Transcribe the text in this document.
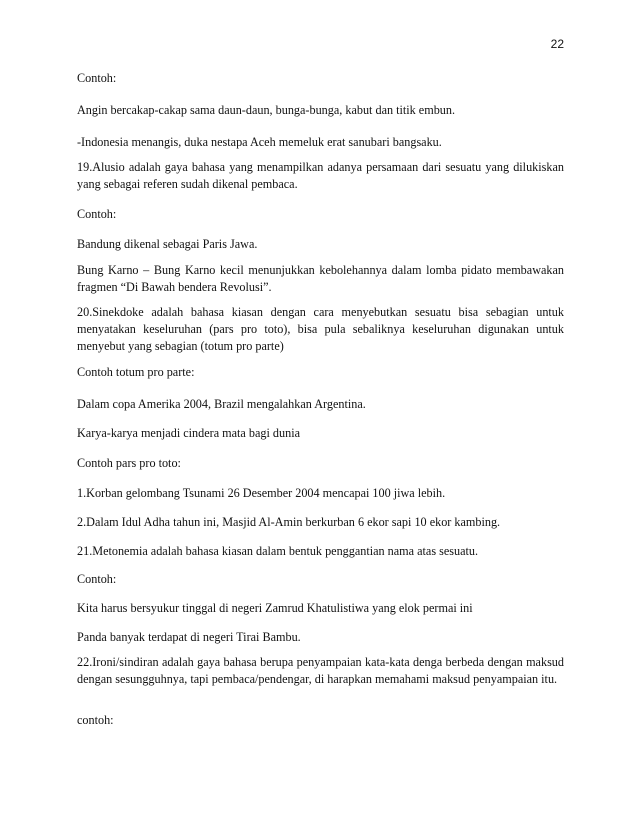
22

Contoh:

Angin bercakap-cakap sama daun-daun, bunga-bunga, kabut dan titik embun.

-Indonesia menangis, duka nestapa Aceh memeluk erat sanubari bangsaku.

19.Alusio adalah gaya bahasa yang menampilkan adanya persamaan dari sesuatu yang dilukiskan yang sebagai referen sudah dikenal pembaca.

Contoh:

Bandung dikenal sebagai Paris Jawa.

Bung Karno – Bung Karno kecil menunjukkan kebolehannya dalam lomba pidato membawakan fragmen “Di Bawah bendera Revolusi”.

20.Sinekdoke adalah bahasa kiasan dengan cara menyebutkan sesuatu bisa sebagian untuk menyatakan keseluruhan (pars pro toto), bisa pula sebaliknya keseluruhan digunakan untuk menyebut yang sebagian (totum pro parte)

Contoh totum pro parte:

Dalam copa Amerika 2004, Brazil mengalahkan Argentina.

Karya-karya menjadi cindera mata bagi dunia

Contoh pars pro toto:

1.Korban gelombang Tsunami 26 Desember 2004 mencapai 100 jiwa lebih.

2.Dalam Idul Adha tahun ini, Masjid Al-Amin berkurban 6 ekor sapi 10 ekor kambing.

21.Metonemia adalah bahasa kiasan dalam bentuk penggantian nama atas sesuatu.

Contoh:

Kita harus bersyukur tinggal di negeri Zamrud Khatulistiwa yang elok permai ini

Panda banyak terdapat di negeri Tirai Bambu.

22.Ironi/sindiran adalah gaya bahasa berupa penyampaian kata-kata denga berbeda dengan maksud dengan sesungguhnya, tapi pembaca/pendengar, di harapkan memahami maksud penyampaian itu.

contoh:
